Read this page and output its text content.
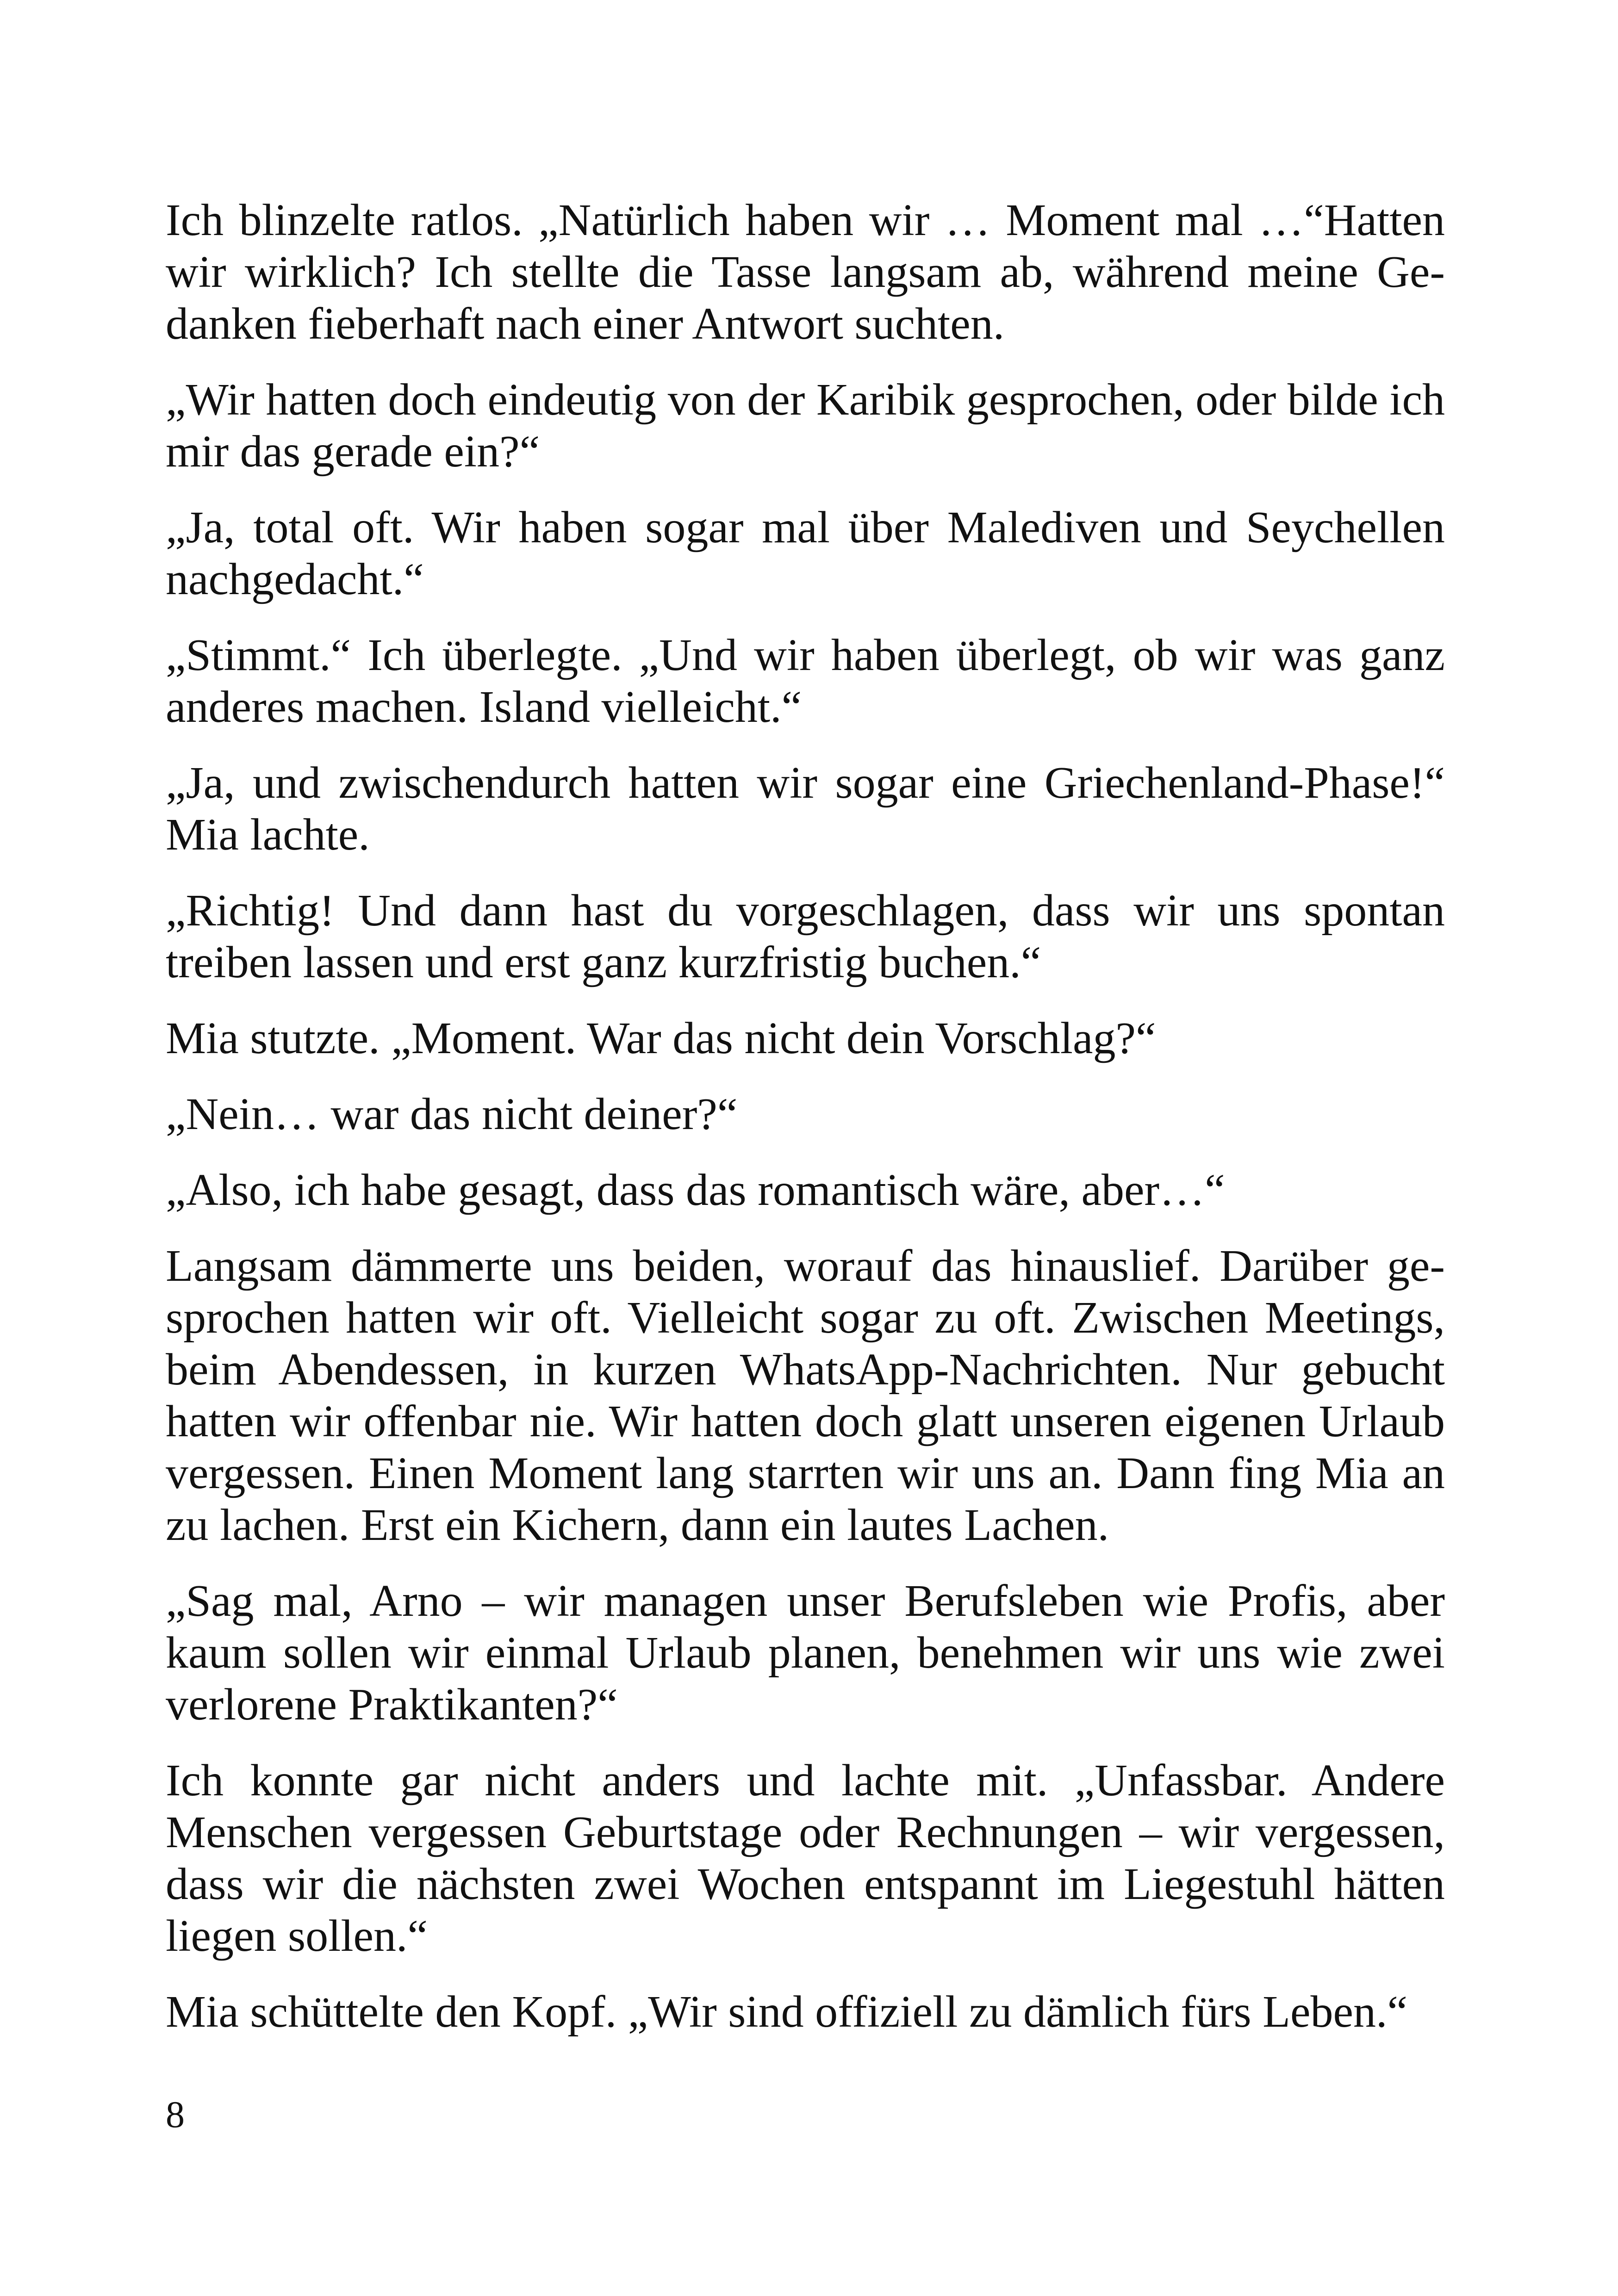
Ich blinzelte ratlos. „Natürlich haben wir … Moment mal …“Hatten wir wirklich? Ich stellte die Tasse langsam ab, während meine Gedanken fieberhaft nach einer Antwort suchten.

„Wir hatten doch eindeutig von der Karibik gesprochen, oder bilde ich mir das gerade ein?“

„Ja, total oft. Wir haben sogar mal über Malediven und Seychellen nachgedacht.“

„Stimmt.“ Ich überlegte. „Und wir haben überlegt, ob wir was ganz anderes machen. Island vielleicht.“

„Ja, und zwischendurch hatten wir sogar eine Griechenland-Phase!“ Mia lachte.

„Richtig! Und dann hast du vorgeschlagen, dass wir uns spontan treiben lassen und erst ganz kurzfristig buchen.“

Mia stutzte. „Moment. War das nicht dein Vorschlag?“

„Nein… war das nicht deiner?“

„Also, ich habe gesagt, dass das romantisch wäre, aber…“

Langsam dämmerte uns beiden, worauf das hinauslief. Darüber gesprochen hatten wir oft. Vielleicht sogar zu oft. Zwischen Meetings, beim Abendessen, in kurzen WhatsApp-Nachrichten. Nur gebucht hatten wir offenbar nie. Wir hatten doch glatt unseren eigenen Urlaub vergessen. Einen Moment lang starrten wir uns an. Dann fing Mia an zu lachen. Erst ein Kichern, dann ein lautes Lachen.

„Sag mal, Arno – wir managen unser Berufsleben wie Profis, aber kaum sollen wir einmal Urlaub planen, benehmen wir uns wie zwei verlorene Praktikanten?“

Ich konnte gar nicht anders und lachte mit. „Unfassbar. Andere Menschen vergessen Geburtstage oder Rechnungen – wir vergessen, dass wir die nächsten zwei Wochen entspannt im Liegestuhl hätten liegen sollen.“

Mia schüttelte den Kopf. „Wir sind offiziell zu dämlich fürs Leben.“

8
